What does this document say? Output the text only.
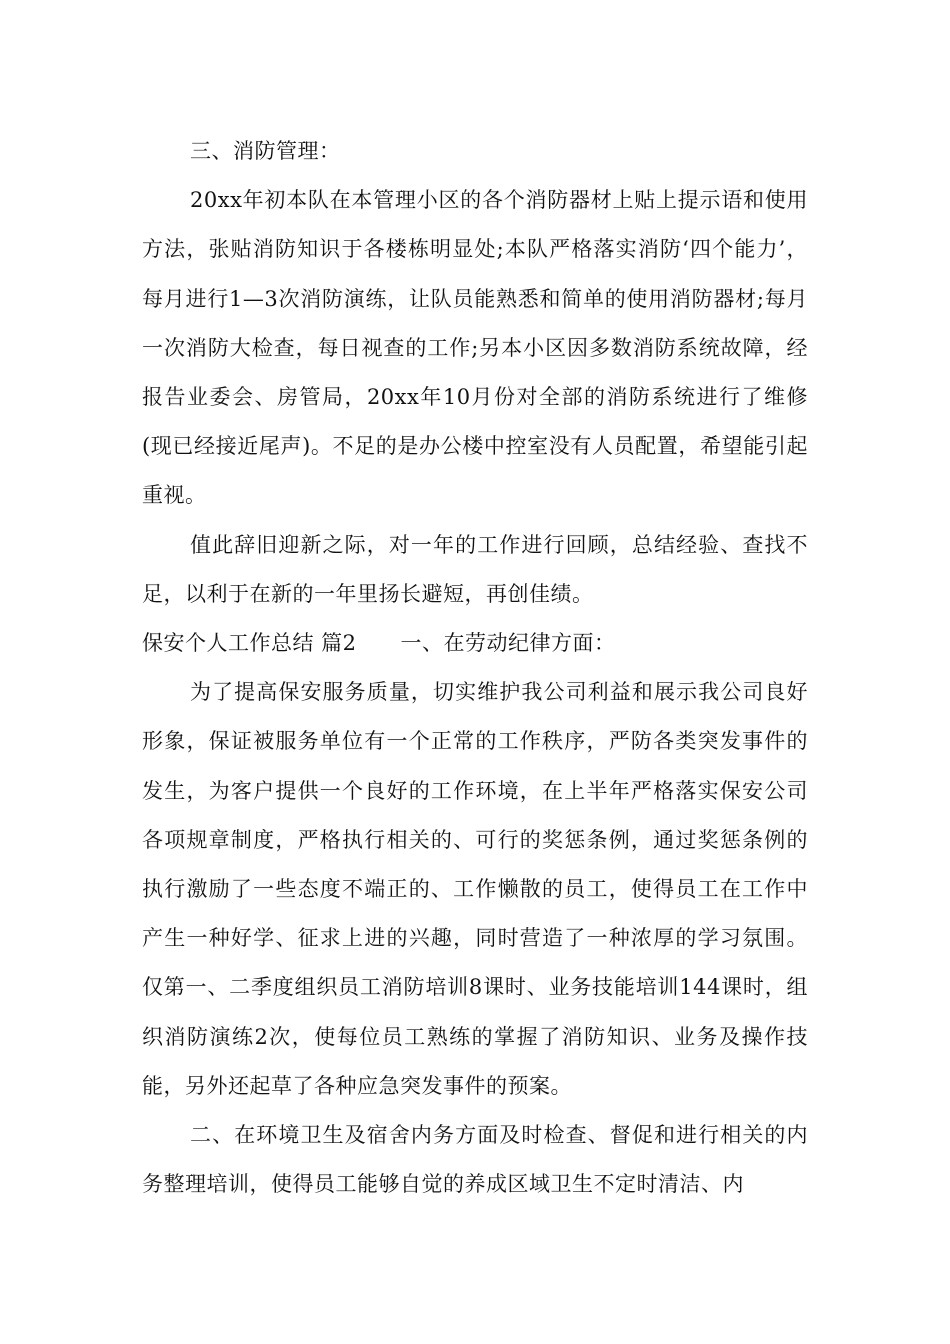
三、消防管理：

20xx年初本队在本管理小区的各个消防器材上贴上提示语和使用方法，张贴消防知识于各楼栋明显处;本队严格落实消防‘四个能力’，每月进行1—3次消防演练，让队员能熟悉和简单的使用消防器材;每月一次消防大检查，每日视查的工作;另本小区因多数消防系统故障，经报告业委会、房管局，20xx年10月份对全部的消防系统进行了维修(现已经接近尾声)。不足的是办公楼中控室没有人员配置，希望能引起重视。

值此辞旧迎新之际，对一年的工作进行回顾，总结经验、查找不足，以利于在新的一年里扬长避短，再创佳绩。

保安个人工作总结 篇2 一、在劳动纪律方面：

为了提高保安服务质量，切实维护我公司利益和展示我公司良好形象，保证被服务单位有一个正常的工作秩序，严防各类突发事件的发生，为客户提供一个良好的工作环境，在上半年严格落实保安公司各项规章制度，严格执行相关的、可行的奖惩条例，通过奖惩条例的执行激励了一些态度不端正的、工作懒散的员工，使得员工在工作中产生一种好学、征求上进的兴趣，同时营造了一种浓厚的学习氛围。仅第一、二季度组织员工消防培训8课时、业务技能培训144课时，组织消防演练2次，使每位员工熟练的掌握了消防知识、业务及操作技能，另外还起草了各种应急突发事件的预案。

二、在环境卫生及宿舍内务方面及时检查、督促和进行相关的内务整理培训，使得员工能够自觉的养成区域卫生不定时清洁、内
